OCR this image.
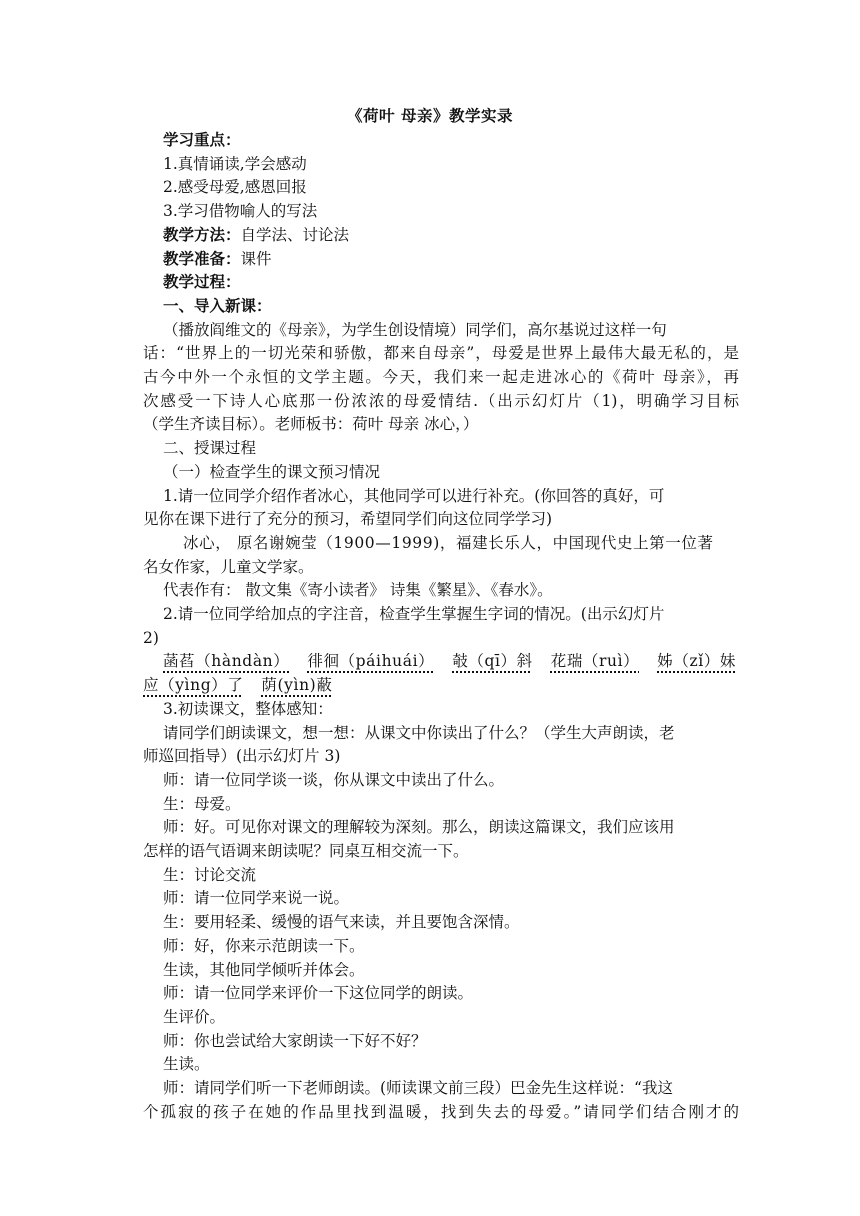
《荷叶 母亲》教学实录
学习重点：
1.真情诵读,学会感动
2.感受母爱,感恩回报
3.学习借物喻人的写法
教学方法：自学法、讨论法
教学准备：课件
教学过程：
一、导入新课：
（播放阎维文的《母亲》，为学生创设情境）同学们，高尔基说过这样一句
话：“世界上的一切光荣和骄傲，都来自母亲”，母爱是世界上最伟大最无私的，是
古今中外一个永恒的文学主题。今天，我们来一起走进冰心的《荷叶 母亲》，再
次感受一下诗人心底那一份浓浓的母爱情结.（出示幻灯片（1)，明确学习目标
（学生齐读目标）。老师板书：荷叶 母亲 冰心，）
二、授课过程
（一）检查学生的课文预习情况
1.请一位同学介绍作者冰心，其他同学可以进行补充。(你回答的真好，可
见你在课下进行了充分的预习，希望同学们向这位同学学习)
冰心， 原名谢婉莹（1900—1999)，福建长乐人，中国现代史上第一位著
名女作家，儿童文学家。
代表作有： 散文集《寄小读者》 诗集《繁星》、《春水》。
2.请一位同学给加点的字注音，检查学生掌握生字词的情况。(出示幻灯片
2)
菡萏（hàndàn） 徘徊（páihuái） 攲（qī）斜 花瑞（ruì） 姊（zǐ）妹
应（yìng）了 荫(yìn)蔽
3.初读课文，整体感知：
请同学们朗读课文，想一想：从课文中你读出了什么？（学生大声朗读，老
师巡回指导）(出示幻灯片 3)
师：请一位同学谈一谈，你从课文中读出了什么。
生：母爱。
师：好。可见你对课文的理解较为深刻。那么，朗读这篇课文，我们应该用
怎样的语气语调来朗读呢？同桌互相交流一下。
生：讨论交流
师：请一位同学来说一说。
生：要用轻柔、缓慢的语气来读，并且要饱含深情。
师：好，你来示范朗读一下。
生读，其他同学倾听并体会。
师：请一位同学来评价一下这位同学的朗读。
生评价。
师：你也尝试给大家朗读一下好不好？
生读。
师：请同学们听一下老师朗读。(师读课文前三段）巴金先生这样说：“我这
个孤寂的孩子在她的作品里找到温暖，找到失去的母爱。”请同学们结合刚才的
